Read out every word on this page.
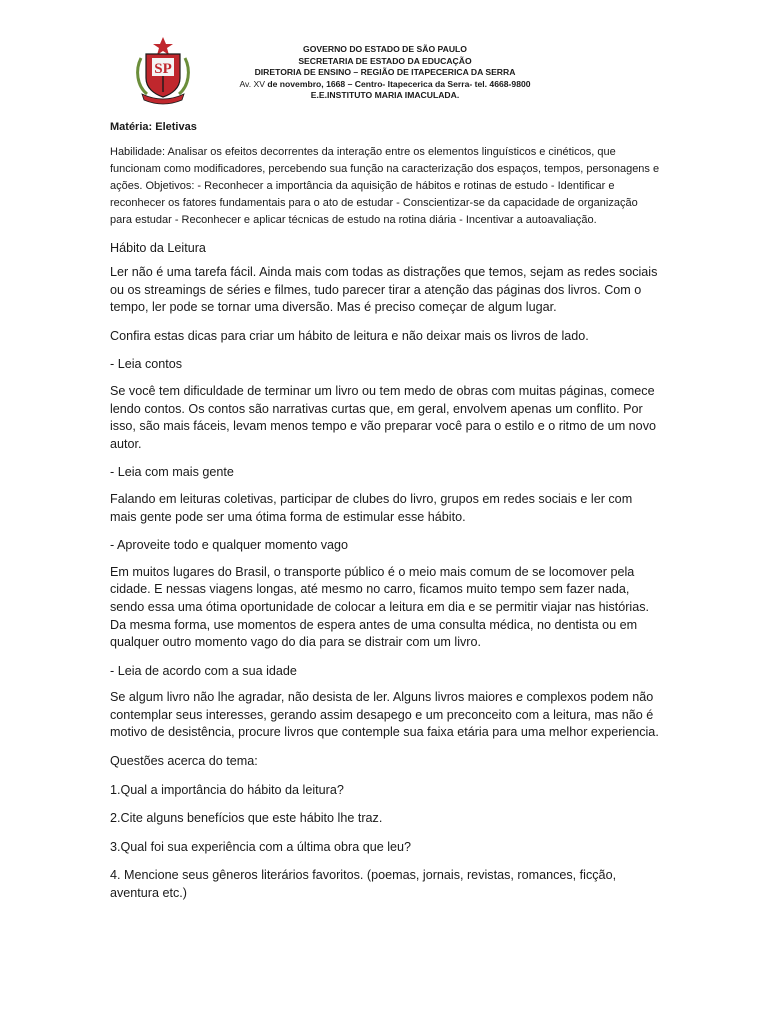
SP
GOVERNO DO ESTADO DE SÃO PAULO
SECRETARIA DE ESTADO DA EDUCAÇÃO
DIRETORIA DE ENSINO – REGIÃO DE ITAPECERICA DA SERRA
Av. XV de novembro, 1668 – Centro- Itapecerica da Serra- tel. 4668-9800
E.E.INSTITUTO MARIA IMACULADA.

Matéria: Eletivas

Habilidade: Analisar os efeitos decorrentes da interação entre os elementos linguísticos e cinéticos, que funcionam como modificadores, percebendo sua função na caracterização dos espaços, tempos, personagens e ações. Objetivos: - Reconhecer a importância da aquisição de hábitos e rotinas de estudo - Identificar e reconhecer os fatores fundamentais para o ato de estudar - Conscientizar-se da capacidade de organização para estudar - Reconhecer e aplicar técnicas de estudo na rotina diária - Incentivar a autoavaliação.

Hábito da Leitura

Ler não é uma tarefa fácil. Ainda mais com todas as distrações que temos, sejam as redes sociais ou os streamings de séries e filmes, tudo parecer tirar a atenção das páginas dos livros. Com o tempo, ler pode se tornar uma diversão. Mas é preciso começar de algum lugar.

Confira estas dicas para criar um hábito de leitura e não deixar mais os livros de lado.

- Leia contos

Se você tem dificuldade de terminar um livro ou tem medo de obras com muitas páginas, comece lendo contos. Os contos são narrativas curtas que, em geral, envolvem apenas um conflito. Por isso, são mais fáceis, levam menos tempo e vão preparar você para o estilo e o ritmo de um novo autor.

- Leia com mais gente

Falando em leituras coletivas, participar de clubes do livro, grupos em redes sociais e ler com mais gente pode ser uma ótima forma de estimular esse hábito.

- Aproveite todo e qualquer momento vago

Em muitos lugares do Brasil, o transporte público é o meio mais comum de se locomover pela cidade. E nessas viagens longas, até mesmo no carro, ficamos muito tempo sem fazer nada, sendo essa uma ótima oportunidade de colocar a leitura em dia e se permitir viajar nas histórias. Da mesma forma, use momentos de espera antes de uma consulta médica, no dentista ou em qualquer outro momento vago do dia para se distrair com um livro.

- Leia de acordo com a sua idade

Se algum livro não lhe agradar, não desista de ler. Alguns livros maiores e complexos podem não contemplar seus interesses, gerando assim desapego e um preconceito com a leitura, mas não é motivo de desistência, procure livros que contemple sua faixa etária para uma melhor experiencia.

Questões acerca do tema:

1.Qual a importância do hábito da leitura?

2.Cite alguns benefícios que este hábito lhe traz.

3.Qual foi sua experiência com a última obra que leu?

4. Mencione seus gêneros literários favoritos. (poemas, jornais, revistas, romances, ficção, aventura etc.)
